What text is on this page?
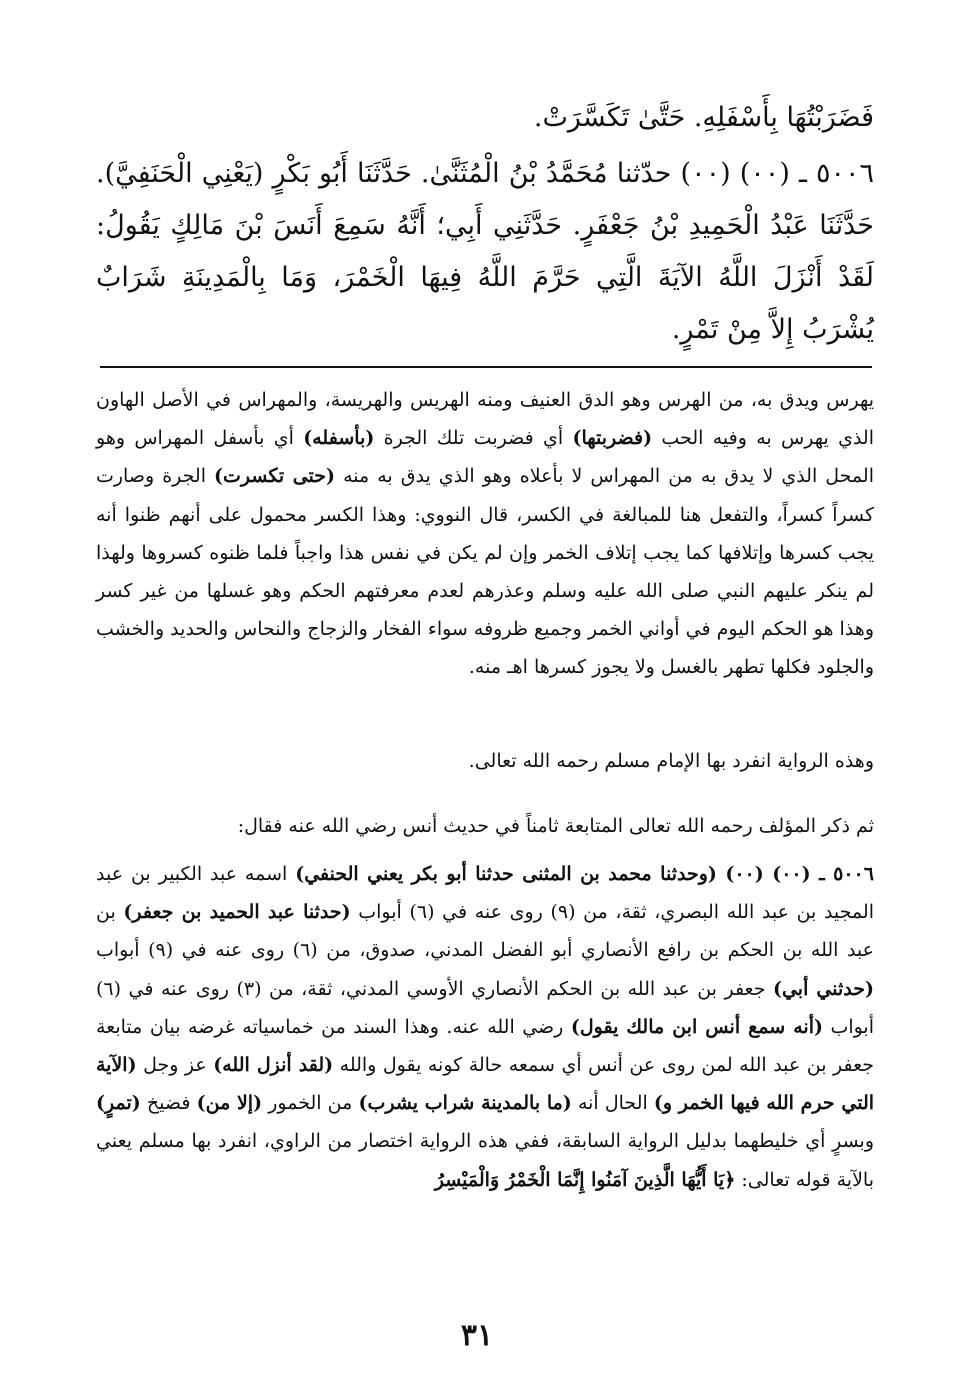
فَضَرَبْتُهَا بِأَسْفَلِهِ. حَتَّىٰ تَكَسَّرَتْ.

٥٠٠٦ ـ (٠٠) (٠٠) حدّثنا مُحَمَّدُ بْنُ الْمُثَنَّىٰ. حَدَّثَنَا أَبُو بَكْرٍ (يَعْنِي الْحَنَفِيَّ). حَدَّثَنَا عَبْدُ الْحَمِيدِ بْنُ جَعْفَرٍ. حَدَّثَنِي أَبِي؛ أَنَّهُ سَمِعَ أَنَسَ بْنَ مَالِكٍ يَقُولُ: لَقَدْ أَنْزَلَ اللَّهُ الآيَةَ الَّتِي حَرَّمَ اللَّهُ فِيهَا الْخَمْرَ، وَمَا بِالْمَدِينَةِ شَرَابٌ يُشْرَبُ إِلاَّ مِنْ تَمْرٍ.

يهرس ويدق به، من الهرس وهو الدق العنيف ومنه الهريس والهريسة، والمهراس في الأصل الهاون الذي يهرس به وفيه الحب (فضربتها) أي فضربت تلك الجرة (بأسفله) أي بأسفل المهراس وهو المحل الذي لا يدق به من المهراس لا بأعلاه وهو الذي يدق به منه (حتى تكسرت) الجرة وصارت كسراً كسراً، والتفعل هنا للمبالغة في الكسر، قال النووي: وهذا الكسر محمول على أنهم ظنوا أنه يجب كسرها وإتلافها كما يجب إتلاف الخمر وإن لم يكن في نفس هذا واجباً فلما ظنوه كسروها ولهذا لم ينكر عليهم النبي صلى الله عليه وسلم وعذرهم لعدم معرفتهم الحكم وهو غسلها من غير كسر وهذا هو الحكم اليوم في أواني الخمر وجميع ظروفه سواء الفخار والزجاج والنحاس والحديد والخشب والجلود فكلها تطهر بالغسل ولا يجوز كسرها اهـ منه.

وهذه الرواية انفرد بها الإمام مسلم رحمه الله تعالى.

ثم ذكر المؤلف رحمه الله تعالى المتابعة ثامناً في حديث أنس رضي الله عنه فقال:

٥٠٠٦ ـ (٠٠) (٠٠) (وحدثنا محمد بن المثنى حدثنا أبو بكر يعني الحنفي) اسمه عبد الكبير بن عبد المجيد بن عبد الله البصري، ثقة، من (٩) روى عنه في (٦) أبواب (حدثنا عبد الحميد بن جعفر) بن عبد الله بن الحكم بن رافع الأنصاري أبو الفضل المدني، صدوق، من (٦) روى عنه في (٩) أبواب (حدثني أبي) جعفر بن عبد الله بن الحكم الأنصاري الأوسي المدني، ثقة، من (٣) روى عنه في (٦) أبواب (أنه سمع أنس ابن مالك يقول) رضي الله عنه. وهذا السند من خماسياته غرضه بيان متابعة جعفر بن عبد الله لمن روى عن أنس أي سمعه حالة كونه يقول والله (لقد أنزل الله) عز وجل (الآية التي حرم الله فيها الخمر و) الحال أنه (ما بالمدينة شراب يشرب) من الخمور (إلا من) فضيخ (تمرٍ) وبسرٍ أي خليطهما بدليل الرواية السابقة، ففي هذه الرواية اختصار من الراوي، انفرد بها مسلم يعني بالآية قوله تعالى: ﴿يَا أَيُّهَا الَّذِينَ آمَنُوا إِنَّمَا الْخَمْرُ وَالْمَيْسِرُ

٣١
